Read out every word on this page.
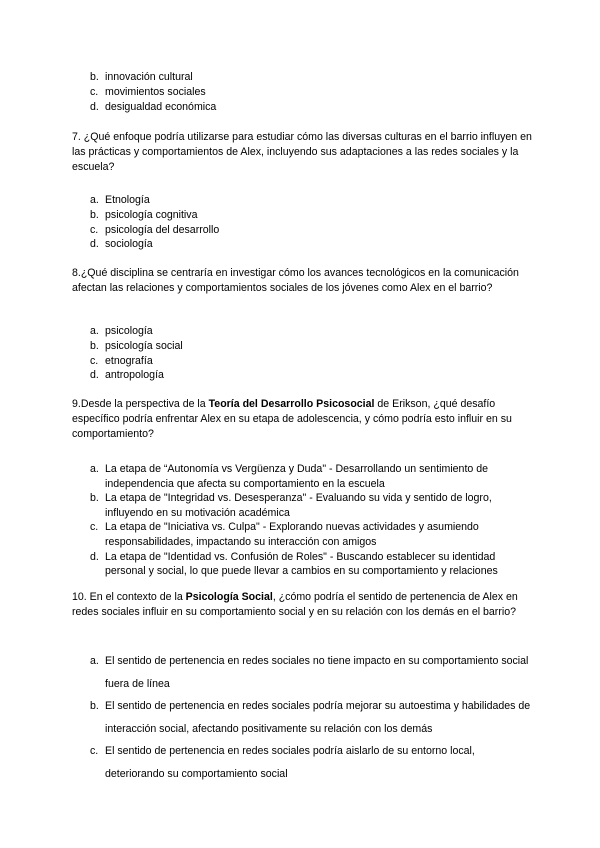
b. innovación cultural
c. movimientos sociales
d. desigualdad económica

7. ¿Qué enfoque podría utilizarse para estudiar cómo las diversas culturas en el barrio influyen en las prácticas y comportamientos de Alex, incluyendo sus adaptaciones a las redes sociales y la escuela?

a. Etnología
b. psicología cognitiva
c. psicología del desarrollo
d. sociología

8.¿Qué disciplina se centraría en investigar cómo los avances tecnológicos en la comunicación afectan las relaciones y comportamientos sociales de los jóvenes como Alex en el barrio?

a. psicología
b. psicología social
c. etnografía
d. antropología

9.Desde la perspectiva de la Teoría del Desarrollo Psicosocial de Erikson, ¿qué desafío específico podría enfrentar Alex en su etapa de adolescencia, y cómo podría esto influir en su comportamiento?

a. La etapa de “Autonomía vs Vergüenza y Duda" - Desarrollando un sentimiento de independencia que afecta su comportamiento en la escuela
b. La etapa de "Integridad vs. Desesperanza" - Evaluando su vida y sentido de logro, influyendo en su motivación académica
c. La etapa de "Iniciativa vs. Culpa" - Explorando nuevas actividades y asumiendo responsabilidades, impactando su interacción con amigos
d. La etapa de "Identidad vs. Confusión de Roles" - Buscando establecer su identidad personal y social, lo que puede llevar a cambios en su comportamiento y relaciones

10. En el contexto de la Psicología Social, ¿cómo podría el sentido de pertenencia de Alex en redes sociales influir en su comportamiento social y en su relación con los demás en el barrio?

a. El sentido de pertenencia en redes sociales no tiene impacto en su comportamiento social fuera de línea
b. El sentido de pertenencia en redes sociales podría mejorar su autoestima y habilidades de interacción social, afectando positivamente su relación con los demás
c. El sentido de pertenencia en redes sociales podría aislarlo de su entorno local, deteriorando su comportamiento social
